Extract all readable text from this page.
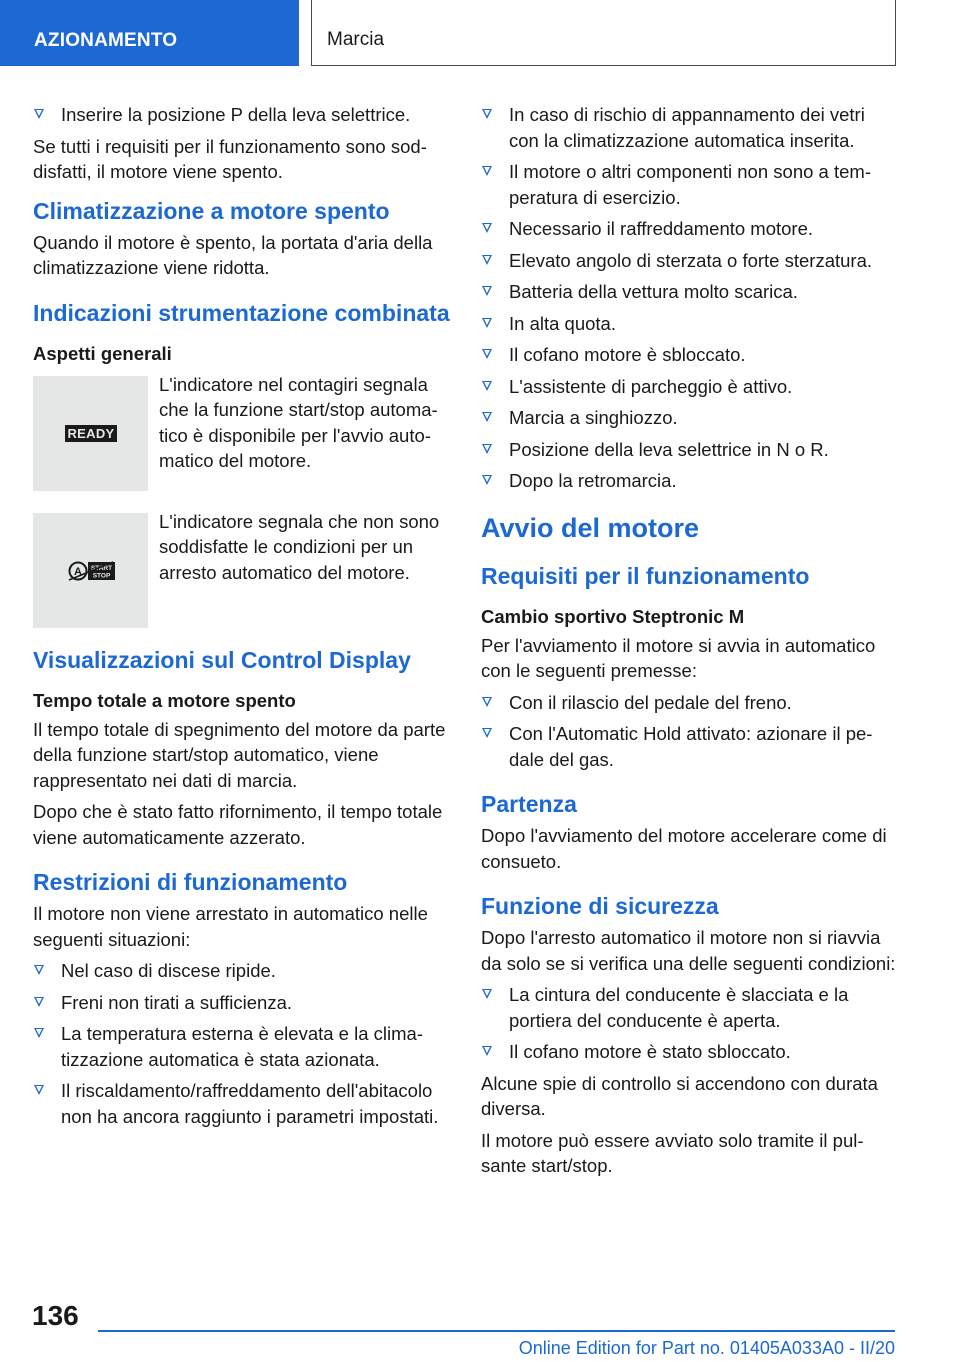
AZIONAMENTO	Marcia
Inserire la posizione P della leva selettrice.

Se tutti i requisiti per il funzionamento sono soddisfatti, il motore viene spento.

Climatizzazione a motore spento

Quando il motore è spento, la portata d'aria della climatizzazione viene ridotta.

Indicazioni strumentazione combinata
Aspetti generali
READY
L'indicatore nel contagiri segnala che la funzione start/stop automatico è disponibile per l'avvio automatico del motore.
A START
STOP
L'indicatore segnala che non sono soddisfatte le condizioni per un arresto automatico del motore.
Visualizzazioni sul Control Display
Tempo totale a motore spento

Il tempo totale di spegnimento del motore da parte della funzione start/stop automatico, viene rappresentato nei dati di marcia.

Dopo che è stato fatto rifornimento, il tempo totale viene automaticamente azzerato.

Restrizioni di funzionamento

Il motore non viene arrestato in automatico nelle seguenti situazioni:

Nel caso di discese ripide.
Freni non tirati a sufficienza.
La temperatura esterna è elevata e la climatizzazione automatica è stata azionata.
Il riscaldamento/raffreddamento dell'abitacolo non ha ancora raggiunto i parametri impostati.
In caso di rischio di appannamento dei vetri con la climatizzazione automatica inserita.
Il motore o altri componenti non sono a temperatura di esercizio.
Necessario il raffreddamento motore.
Elevato angolo di sterzata o forte sterzatura.
Batteria della vettura molto scarica.
In alta quota.
Il cofano motore è sbloccato.
L'assistente di parcheggio è attivo.
Marcia a singhiozzo.
Posizione della leva selettrice in N o R.
Dopo la retromarcia.
Avvio del motore
Requisiti per il funzionamento
Cambio sportivo Steptronic M

Per l'avviamento il motore si avvia in automatico con le seguenti premesse:

Con il rilascio del pedale del freno.
Con l'Automatic Hold attivato: azionare il pedale del gas.
Partenza

Dopo l'avviamento del motore accelerare come di consueto.

Funzione di sicurezza

Dopo l'arresto automatico il motore non si riavvia da solo se si verifica una delle seguenti condizioni:

La cintura del conducente è slacciata e la portiera del conducente è aperta.
Il cofano motore è stato sbloccato.

Alcune spie di controllo si accendono con durata diversa.

Il motore può essere avviato solo tramite il pulsante start/stop.

136
Online Edition for Part no. 01405A033A0 - II/20
